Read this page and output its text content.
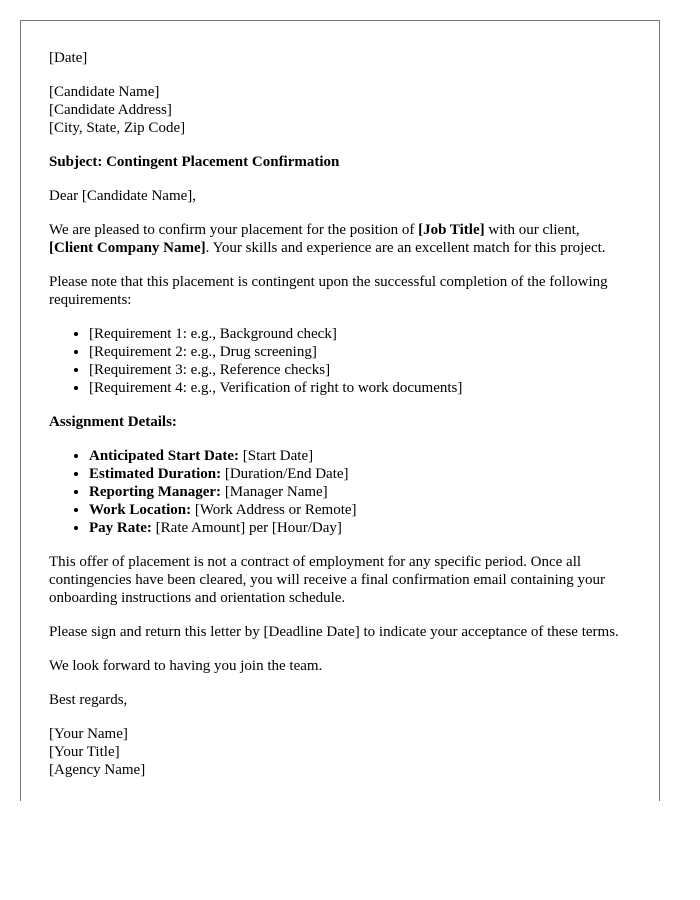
[Date]

[Candidate Name]
[Candidate Address]
[City, State, Zip Code]

Subject: Contingent Placement Confirmation

Dear [Candidate Name],

We are pleased to confirm your placement for the position of [Job Title] with our client, [Client Company Name]. Your skills and experience are an excellent match for this project.

Please note that this placement is contingent upon the successful completion of the following requirements:

• [Requirement 1: e.g., Background check]
• [Requirement 2: e.g., Drug screening]
• [Requirement 3: e.g., Reference checks]
• [Requirement 4: e.g., Verification of right to work documents]

Assignment Details:

• Anticipated Start Date: [Start Date]
• Estimated Duration: [Duration/End Date]
• Reporting Manager: [Manager Name]
• Work Location: [Work Address or Remote]
• Pay Rate: [Rate Amount] per [Hour/Day]

This offer of placement is not a contract of employment for any specific period. Once all contingencies have been cleared, you will receive a final confirmation email containing your onboarding instructions and orientation schedule.

Please sign and return this letter by [Deadline Date] to indicate your acceptance of these terms.

We look forward to having you join the team.

Best regards,

[Your Name]
[Your Title]
[Agency Name]
